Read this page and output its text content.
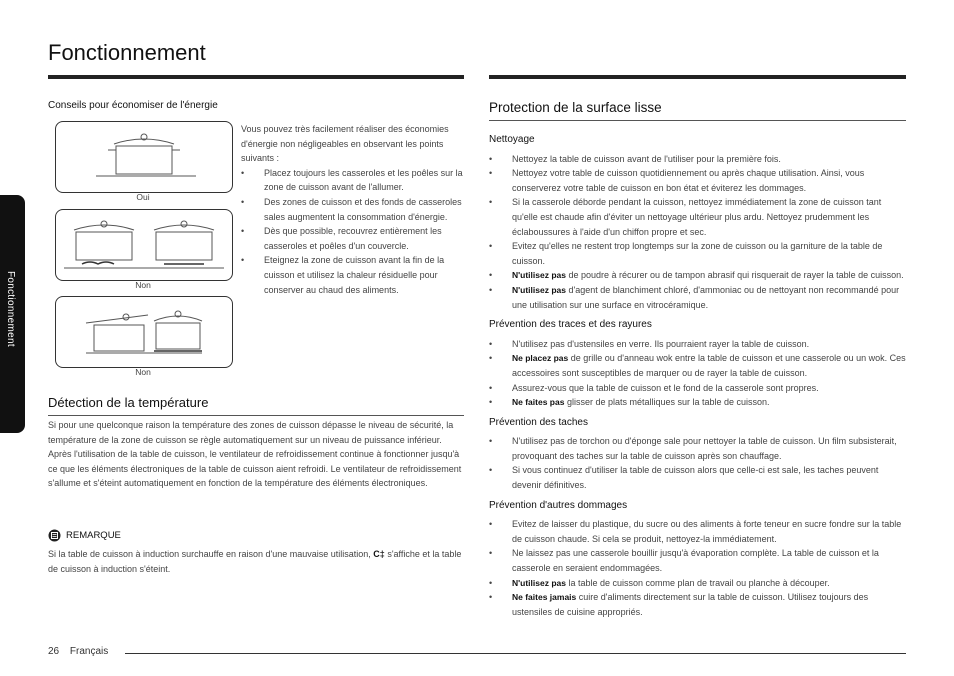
Fonctionnement
Fonctionnement
Conseils pour économiser de l'énergie
Oui
Non
Non

Vous pouvez très facilement réaliser des économies d'énergie non négligeables en observant les points suivants :

• Placez toujours les casseroles et les poêles sur la zone de cuisson avant de l'allumer.
• Des zones de cuisson et des fonds de casseroles sales augmentent la consommation d'énergie.
• Dès que possible, recouvrez entièrement les casseroles et poêles d'un couvercle.
• Eteignez la zone de cuisson avant la fin de la cuisson et utilisez la chaleur résiduelle pour conserver au chaud des aliments.
Détection de la température

Si pour une quelconque raison la température des zones de cuisson dépasse le niveau de sécurité, la température de la zone de cuisson se règle automatiquement sur un niveau de puissance inférieur.

Après l'utilisation de la table de cuisson, le ventilateur de refroidissement continue à fonctionner jusqu'à ce que les éléments électroniques de la table de cuisson aient refroidi. Le ventilateur de refroidissement s'allume et s'éteint automatiquement en fonction de la température des éléments électroniques.

REMARQUE
Si la table de cuisson à induction surchauffe en raison d'une mauvaise utilisation, C‡ s'affiche et la table de cuisson à induction s'éteint.
Protection de la surface lisse
Nettoyage
• Nettoyez la table de cuisson avant de l'utiliser pour la première fois.
• Nettoyez votre table de cuisson quotidiennement ou après chaque utilisation. Ainsi, vous conserverez votre table de cuisson en bon état et éviterez les dommages.
• Si la casserole déborde pendant la cuisson, nettoyez immédiatement la zone de cuisson tant qu'elle est chaude afin d'éviter un nettoyage ultérieur plus ardu. Nettoyez prudemment les éclaboussures à l'aide d'un chiffon propre et sec.
• Evitez qu'elles ne restent trop longtemps sur la zone de cuisson ou la garniture de la table de cuisson.
• N'utilisez pas de poudre à récurer ou de tampon abrasif qui risquerait de rayer la table de cuisson.
• N'utilisez pas d'agent de blanchiment chloré, d'ammoniac ou de nettoyant non recommandé pour une utilisation sur une surface en vitrocéramique.
Prévention des traces et des rayures
• N'utilisez pas d'ustensiles en verre. Ils pourraient rayer la table de cuisson.
• Ne placez pas de grille ou d'anneau wok entre la table de cuisson et une casserole ou un wok. Ces accessoires sont susceptibles de marquer ou de rayer la table de cuisson.
• Assurez-vous que la table de cuisson et le fond de la casserole sont propres.
• Ne faites pas glisser de plats métalliques sur la table de cuisson.
Prévention des taches
• N'utilisez pas de torchon ou d'éponge sale pour nettoyer la table de cuisson. Un film subsisterait, provoquant des taches sur la table de cuisson après son chauffage.
• Si vous continuez d'utiliser la table de cuisson alors que celle-ci est sale, les taches peuvent devenir définitives.
Prévention d'autres dommages
• Evitez de laisser du plastique, du sucre ou des aliments à forte teneur en sucre fondre sur la table de cuisson chaude. Si cela se produit, nettoyez-la immédiatement.
• Ne laissez pas une casserole bouillir jusqu'à évaporation complète. La table de cuisson et la casserole en seraient endommagées.
• N'utilisez pas la table de cuisson comme plan de travail ou planche à découper.
• Ne faites jamais cuire d'aliments directement sur la table de cuisson. Utilisez toujours des ustensiles de cuisine appropriés.
26 Français
